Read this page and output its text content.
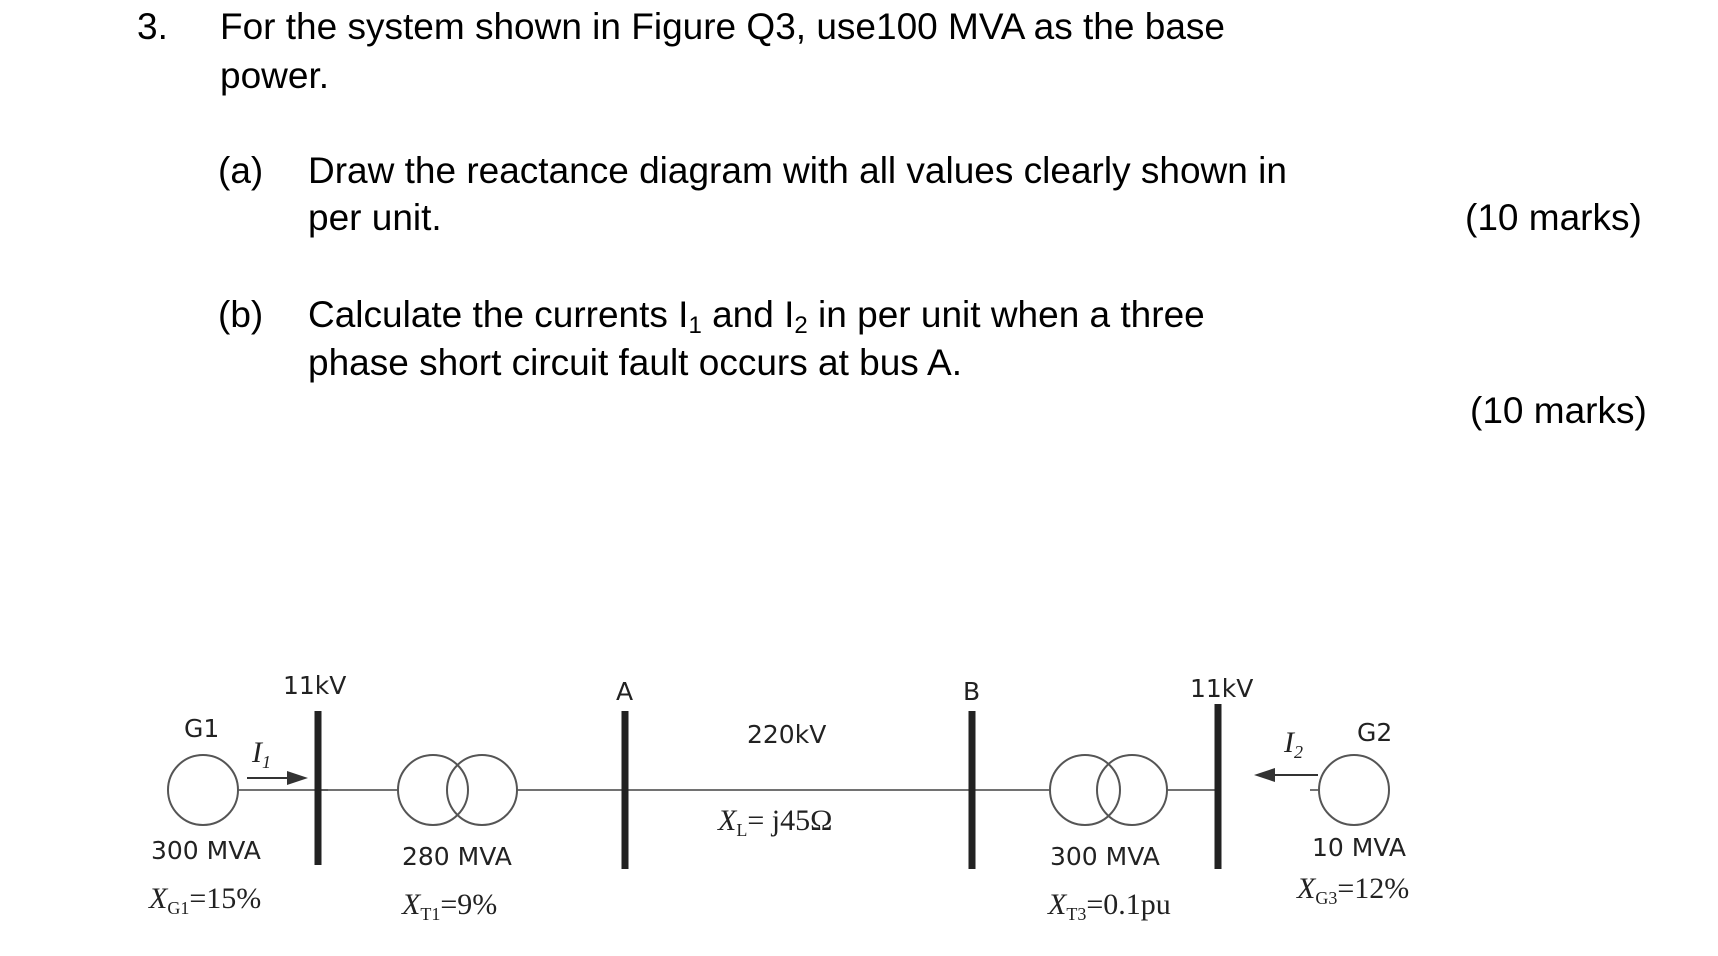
3. For the system shown in Figure Q3, use100 MVA as the base
power.
(a) Draw the reactance diagram with all values clearly shown in
per unit.	(10 marks)
(b) Calculate the currents $I_1$ and $I_2$ in per unit when a three
phase short circuit fault occurs at bus A.
(10 marks)
G1
300 MVA
$X_{G1}=15\%$
$I_1$
11kV
280 MVA
$X_{T1}=9\%$
A
220kV
$X_L= j45\Omega$
B
300 MVA
$X_{T3}=0.1pu$
11kV
$I_2$
G2
10 MVA
$X_{G3}=12\%$
